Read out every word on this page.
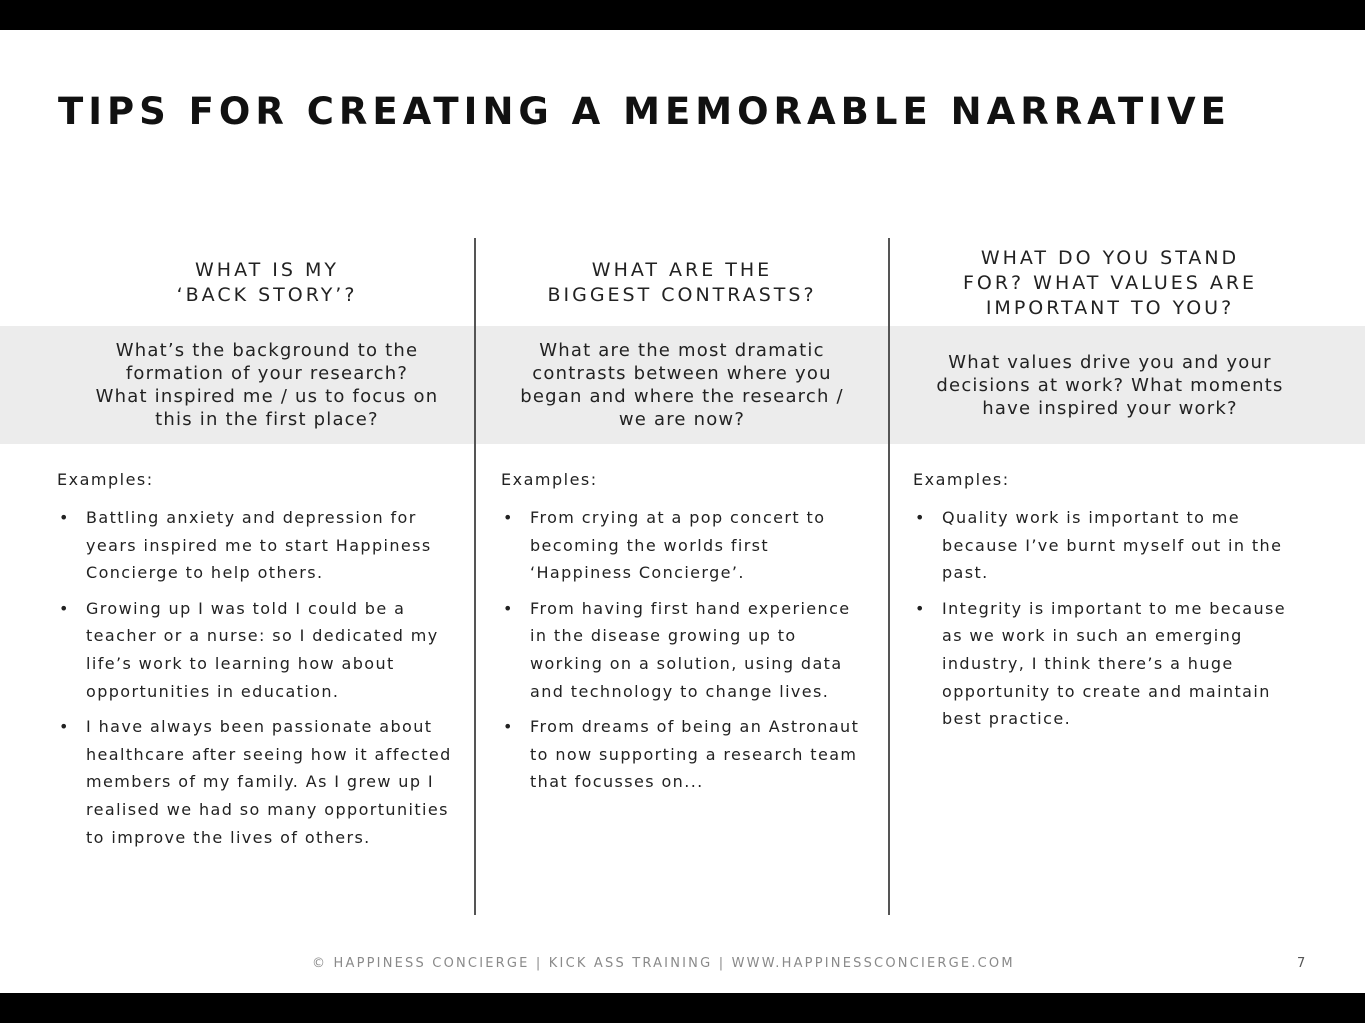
TIPS FOR CREATING A MEMORABLE NARRATIVE
WHAT IS MY
‘BACK STORY’?
What’s the background to the
formation of your research?
What inspired me / us to focus on
this in the first place?
Examples:
• Battling anxiety and depression for years inspired me to start Happiness Concierge to help others.
• Growing up I was told I could be a teacher or a nurse: so I dedicated my life’s work to learning how about opportunities in education.
• I have always been passionate about healthcare after seeing how it affected members of my family. As I grew up I realised we had so many opportunities to improve the lives of others.
WHAT ARE THE
BIGGEST CONTRASTS?
What are the most dramatic
contrasts between where you
began and where the research /
we are now?
Examples:
• From crying at a pop concert to becoming the worlds first ‘Happiness Concierge’.
• From having first hand experience in the disease growing up to working on a solution, using data and technology to change lives.
• From dreams of being an Astronaut to now supporting a research team that focusses on...
WHAT DO YOU STAND
FOR? WHAT VALUES ARE
IMPORTANT TO YOU?
What values drive you and your
decisions at work? What moments
have inspired your work?
Examples:
• Quality work is important to me because I’ve burnt myself out in the past.
• Integrity is important to me because as we work in such an emerging industry, I think there’s a huge opportunity to create and maintain best practice.
© HAPPINESS CONCIERGE | KICK ASS TRAINING | WWW.HAPPINESSCONCIERGE.COM	7
